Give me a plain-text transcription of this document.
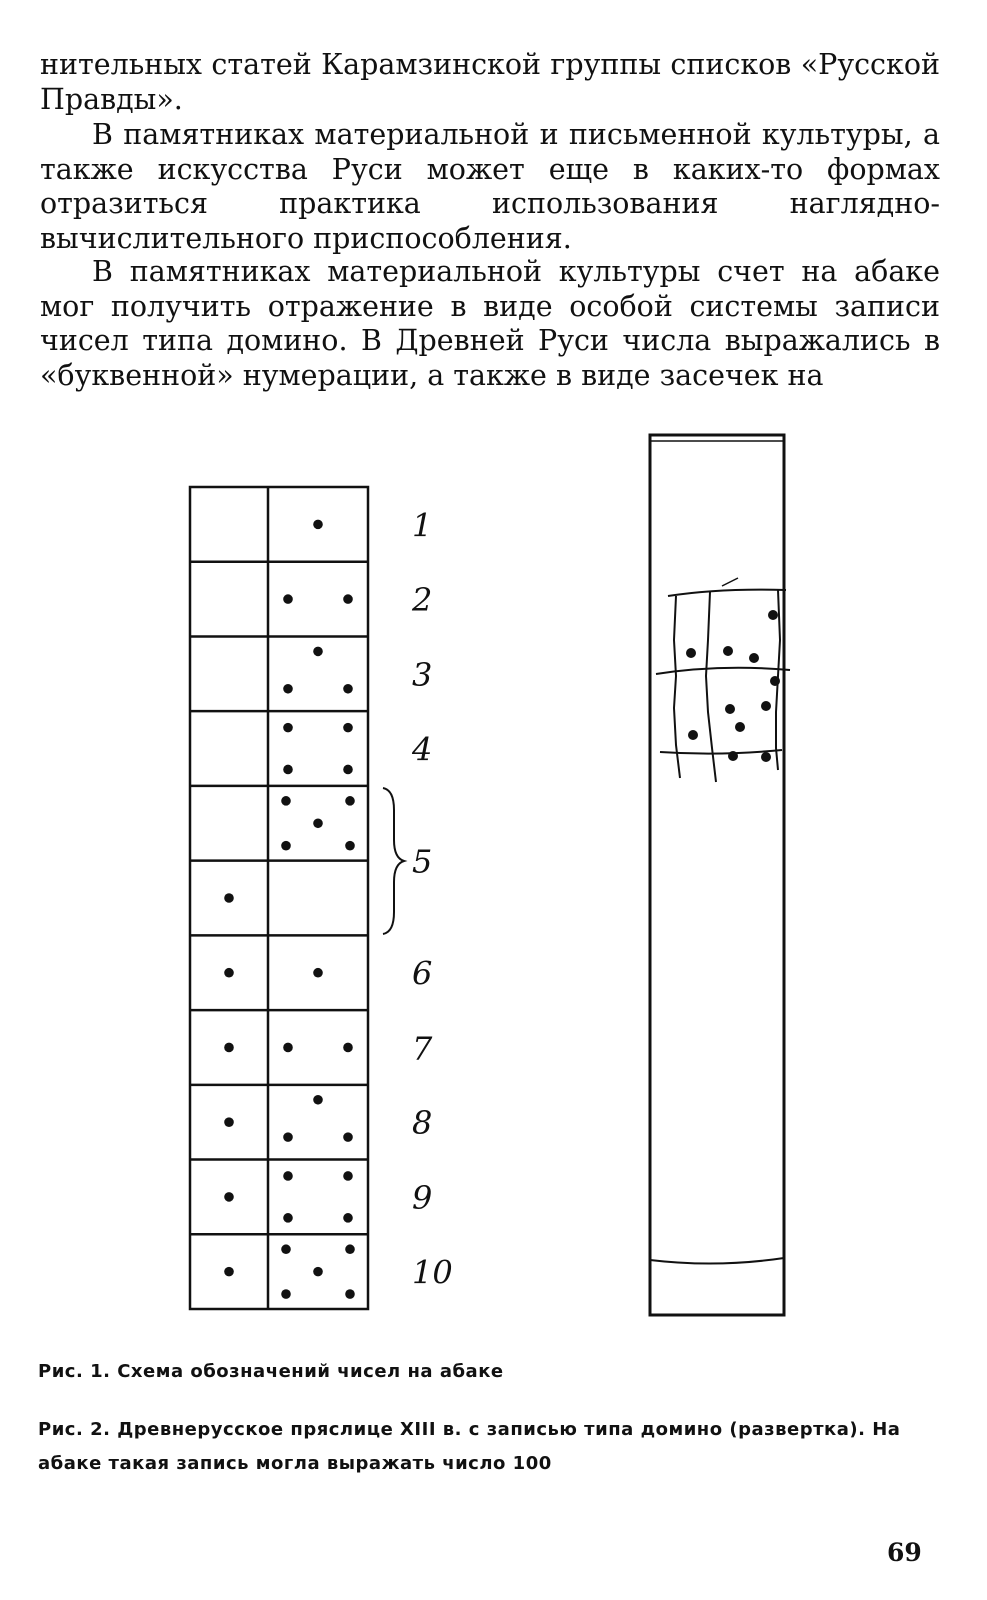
нительных статей Карамзинской группы списков «Русской Правды».

В памятниках материальной и письменной культуры, а также искусства Руси может еще в каких-то формах отразиться практика использования наглядно-вычислительного приспособления.

В памятниках материальной культуры счет на абаке мог получить отражение в виде особой системы записи чисел типа домино. В Древней Руси числа выражались в «буквенной» нумерации, а также в виде засечек на

1
2
3
4
5
6
7
8
9
10

Рис. 1. Схема обозначений чисел на абаке

Рис. 2. Древнерусское пряслице XIII в. с записью типа домино (развертка). На абаке такая запись могла выражать число 100

69
